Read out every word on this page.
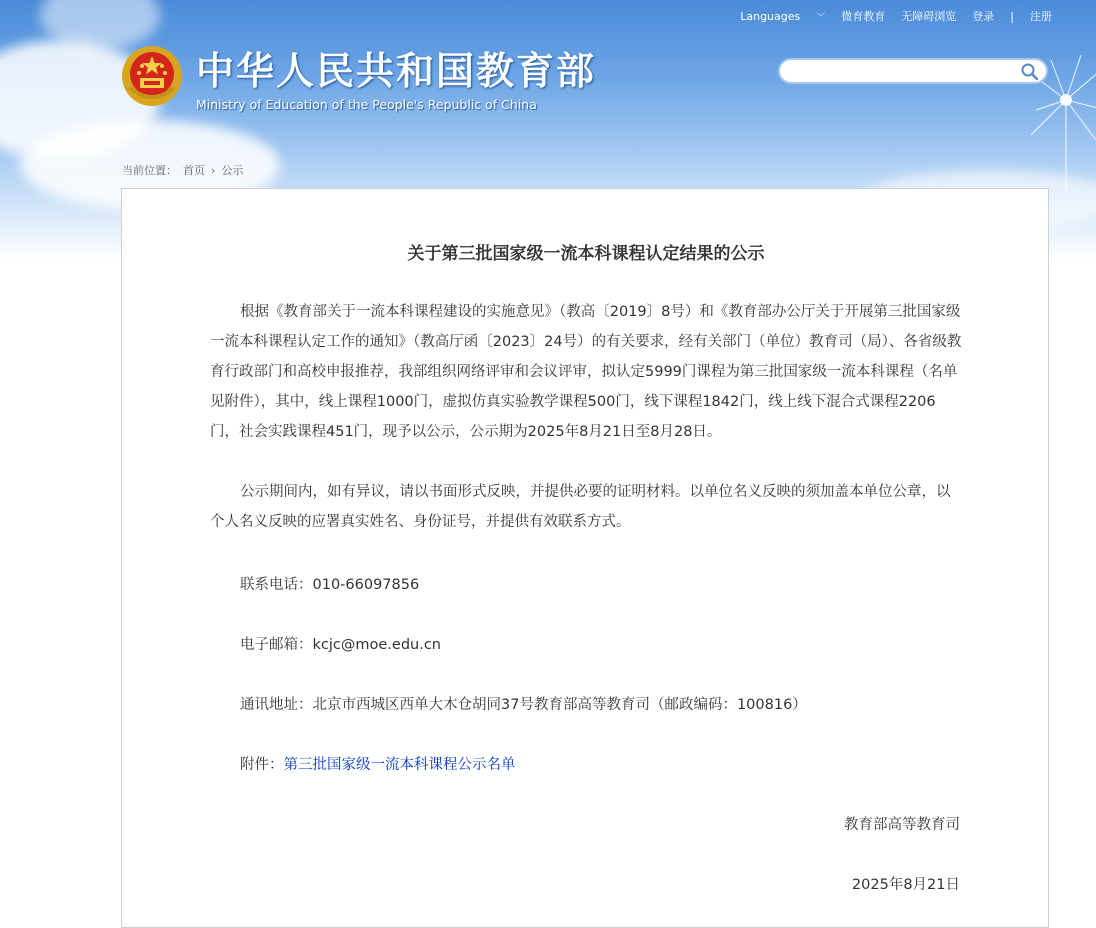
Languages ﹀ 微育教育 无障碍浏览 登录 | 注册
中华人民共和国教育部
Ministry of Education of the People's Republic of China
当前位置： 首页 › 公示
关于第三批国家级一流本科课程认定结果的公示

根据《教育部关于一流本科课程建设的实施意见》（教高〔2019〕8号）和《教育部办公厅关于开展第三批国家级一流本科课程认定工作的通知》（教高厅函〔2023〕24号）的有关要求，经有关部门（单位）教育司（局）、各省级教育行政部门和高校申报推荐，我部组织网络评审和会议评审，拟认定5999门课程为第三批国家级一流本科课程（名单见附件），其中，线上课程1000门，虚拟仿真实验教学课程500门，线下课程1842门，线上线下混合式课程2206门，社会实践课程451门，现予以公示，公示期为2025年8月21日至8月28日。

公示期间内，如有异议，请以书面形式反映，并提供必要的证明材料。以单位名义反映的须加盖本单位公章，以个人名义反映的应署真实姓名、身份证号，并提供有效联系方式。

联系电话：010-66097856

电子邮箱：kcjc@moe.edu.cn

通讯地址：北京市西城区西单大木仓胡同37号教育部高等教育司（邮政编码：100816）

附件：第三批国家级一流本科课程公示名单

教育部高等教育司

2025年8月21日
